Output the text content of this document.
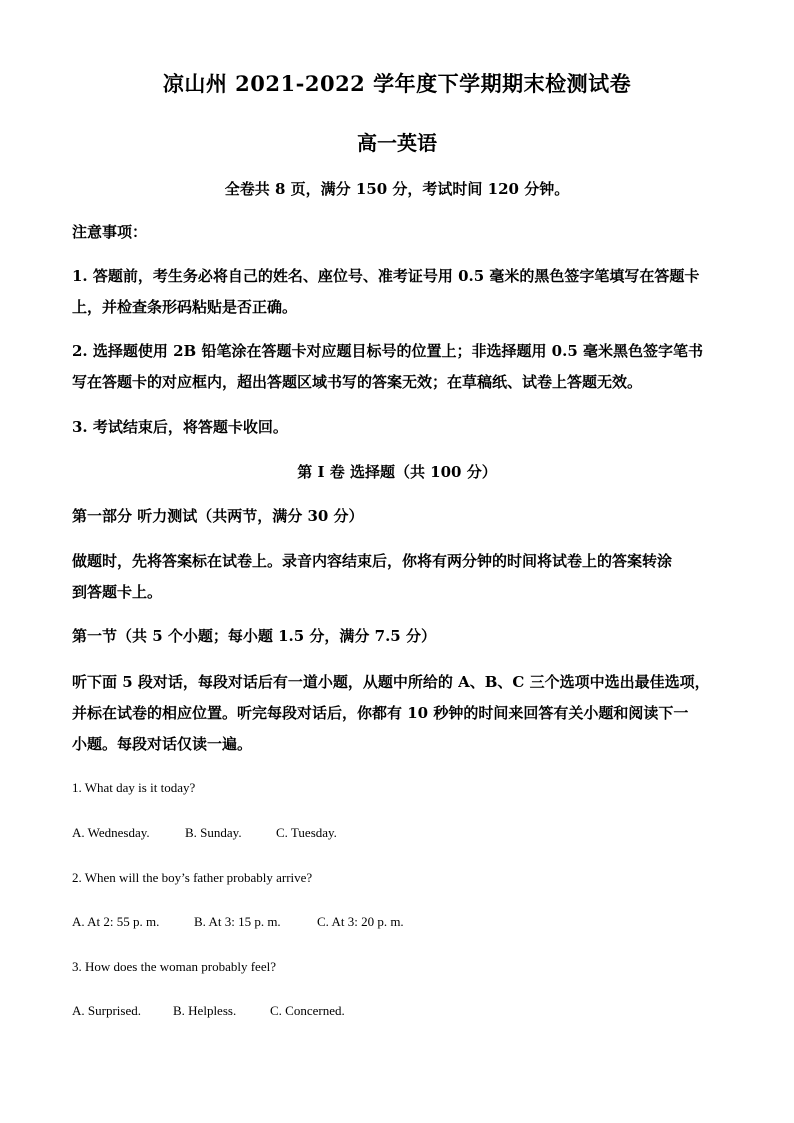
凉山州 2021-2022 学年度下学期期末检测试卷
高一英语
全卷共 8 页，满分 150 分，考试时间 120 分钟。
注意事项：
1. 答题前，考生务必将自己的姓名、座位号、准考证号用 0.5 毫米的黑色签字笔填写在答题卡
上，并检查条形码粘贴是否正确。
2. 选择题使用 2B 铅笔涂在答题卡对应题目标号的位置上；非选择题用 0.5 毫米黑色签字笔书
写在答题卡的对应框内，超出答题区域书写的答案无效；在草稿纸、试卷上答题无效。
3. 考试结束后，将答题卡收回。
第 I 卷 选择题（共 100 分）
第一部分 听力测试（共两节，满分 30 分）
做题时，先将答案标在试卷上。录音内容结束后，你将有两分钟的时间将试卷上的答案转涂
到答题卡上。
第一节（共 5 个小题；每小题 1.5 分，满分 7.5 分）
听下面 5 段对话，每段对话后有一道小题，从题中所给的 A、B、C 三个选项中选出最佳选项，
并标在试卷的相应位置。听完每段对话后，你都有 10 秒钟的时间来回答有关小题和阅读下一
小题。每段对话仅读一遍。
1. What day is it today?
A. Wednesday.	B. Sunday.	C. Tuesday.
2. When will the boy’s father probably arrive?
A. At 2: 55 p. m.	B. At 3: 15 p. m.	C. At 3: 20 p. m.
3. How does the woman probably feel?
A. Surprised. B. Helpless.	C. Concerned.
